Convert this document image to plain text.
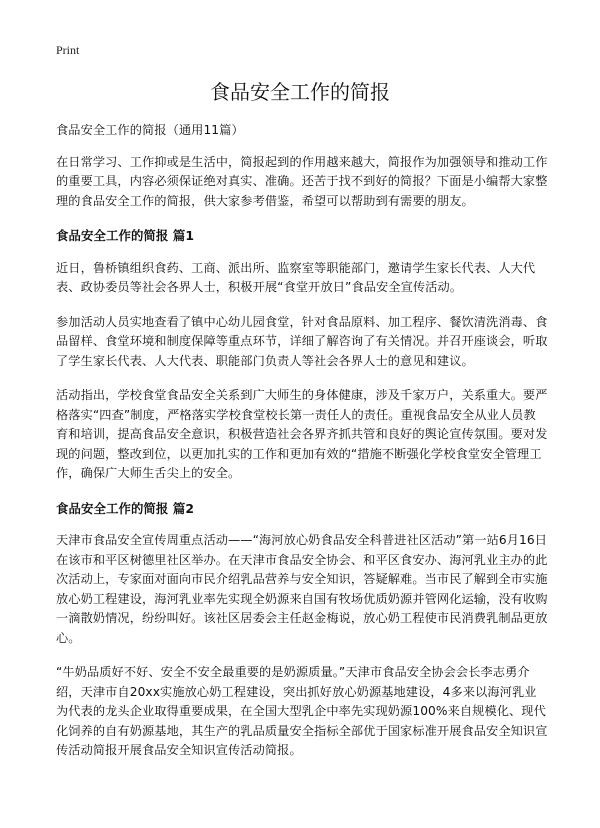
Print
食品安全工作的简报

食品安全工作的简报（通用11篇）

在日常学习、工作抑或是生活中，简报起到的作用越来越大，简报作为加强领导和推动工作的重要工具，内容必须保证绝对真实、准确。还苦于找不到好的简报？下面是小编帮大家整理的食品安全工作的简报，供大家参考借鉴，希望可以帮助到有需要的朋友。

食品安全工作的简报 篇1

近日，鲁桥镇组织食药、工商、派出所、监察室等职能部门，邀请学生家长代表、人大代表、政协委员等社会各界人士，积极开展“食堂开放日”食品安全宣传活动。

参加活动人员实地查看了镇中心幼儿园食堂，针对食品原料、加工程序、餐饮清洗消毒、食品留样、食堂环境和制度保障等重点环节，详细了解咨询了有关情况。并召开座谈会，听取了学生家长代表、人大代表、职能部门负责人等社会各界人士的意见和建议。

活动指出，学校食堂食品安全关系到广大师生的身体健康，涉及千家万户，关系重大。要严格落实“四查”制度，严格落实学校食堂校长第一责任人的责任。重视食品安全从业人员教育和培训，提高食品安全意识，积极营造社会各界齐抓共管和良好的舆论宣传氛围。要对发现的问题，整改到位，以更加扎实的工作和更加有效的“措施不断强化学校食堂安全管理工作，确保广大师生舌尖上的安全。

食品安全工作的简报 篇2

天津市食品安全宣传周重点活动——“海河放心奶食品安全科普进社区活动”第一站6月16日在该市和平区树德里社区举办。在天津市食品安全协会、和平区食安办、海河乳业主办的此次活动上，专家面对面向市民介绍乳品营养与安全知识，答疑解难。当市民了解到全市实施放心奶工程建设，海河乳业率先实现全奶源来自国有牧场优质奶源并管网化运输，没有收购一滴散奶情况，纷纷叫好。该社区居委会主任赵金梅说，放心奶工程使市民消费乳制品更放心。

“牛奶品质好不好、安全不安全最重要的是奶源质量。”天津市食品安全协会会长李志勇介绍，天津市自20xx实施放心奶工程建设，突出抓好放心奶源基地建设，4多来以海河乳业为代表的龙头企业取得重要成果，在全国大型乳企中率先实现奶源100%来自规模化、现代化饲养的自有奶源基地，其生产的乳品质量安全指标全部优于国家标准开展食品安全知识宣传活动简报开展食品安全知识宣传活动简报。
